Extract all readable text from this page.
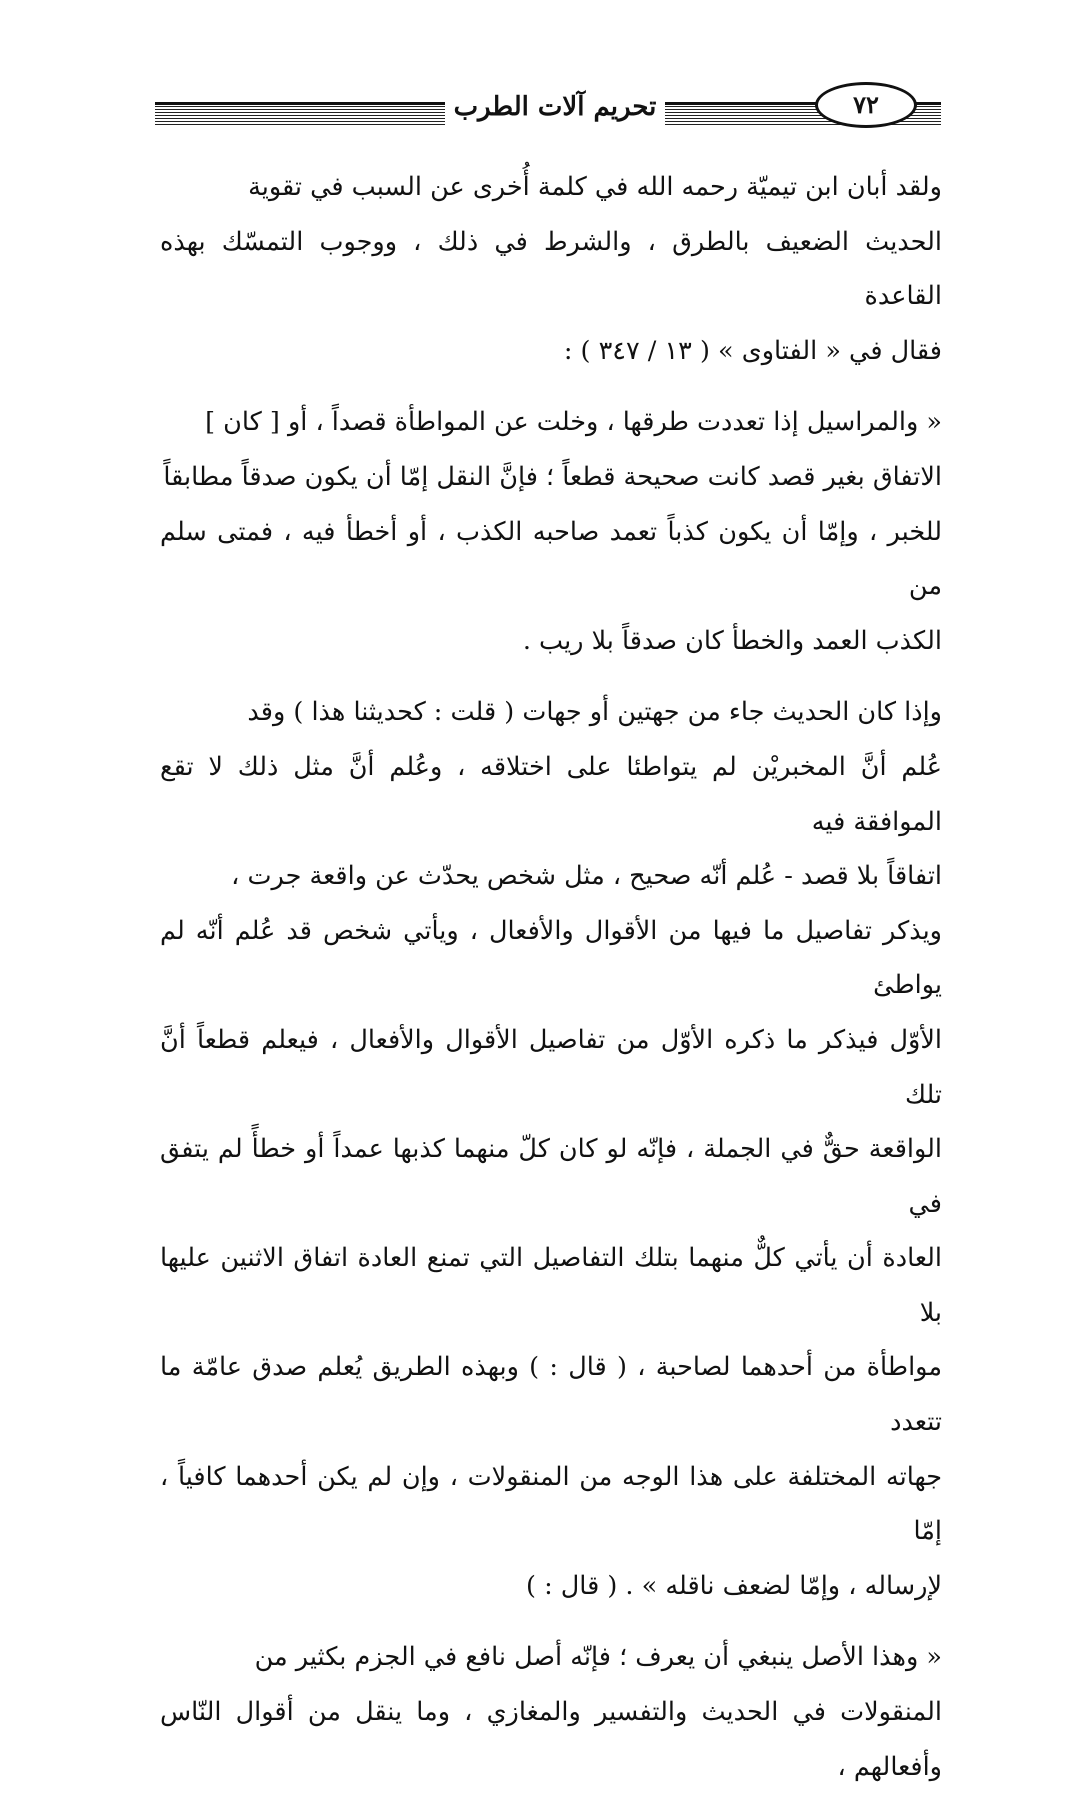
تحريم آلات الطرب	٧٢

ولقد أبان ابن تيميّة رحمه الله في كلمة أُخرى عن السبب في تقوية
الحديث الضعيف بالطرق ، والشرط في ذلك ، ووجوب التمسّك بهذه القاعدة
فقال في « الفتاوى » ( ١٣ / ٣٤٧ ) :

« والمراسيل إذا تعددت طرقها ، وخلت عن المواطأة قصداً ، أو [ كان ]
الاتفاق بغير قصد كانت صحيحة قطعاً ؛ فإنَّ النقل إمّا أن يكون صدقاً مطابقاً
للخبر ، وإمّا أن يكون كذباً تعمد صاحبه الكذب ، أو أخطأ فيه ، فمتى سلم من
الكذب العمد والخطأ كان صدقاً بلا ريب .

وإذا كان الحديث جاء من جهتين أو جهات ( قلت : كحديثنا هذا ) وقد
عُلم أنَّ المخبريْن لم يتواطئا على اختلاقه ، وعُلم أنَّ مثل ذلك لا تقع الموافقة فيه
اتفاقاً بلا قصد - عُلم أنّه صحيح ، مثل شخص يحدّث عن واقعة جرت ،
ويذكر تفاصيل ما فيها من الأقوال والأفعال ، ويأتي شخص قد عُلم أنّه لم يواطئ
الأوّل فيذكر ما ذكره الأوّل من تفاصيل الأقوال والأفعال ، فيعلم قطعاً أنَّ تلك
الواقعة حقٌّ في الجملة ، فإنّه لو كان كلّ منهما كذبها عمداً أو خطأً لم يتفق في
العادة أن يأتي كلٌّ منهما بتلك التفاصيل التي تمنع العادة اتفاق الاثنين عليها بلا
مواطأة من أحدهما لصاحبة ، ( قال : ) وبهذه الطريق يُعلم صدق عامّة ما تتعدد
جهاته المختلفة على هذا الوجه من المنقولات ، وإن لم يكن أحدهما كافياً ، إمّا
لإرساله ، وإمّا لضعف ناقله » . ( قال : )

« وهذا الأصل ينبغي أن يعرف ؛ فإنّه أصل نافع في الجزم بكثير من
المنقولات في الحديث والتفسير والمغازي ، وما ينقل من أقوال النّاس وأفعالهم ،
